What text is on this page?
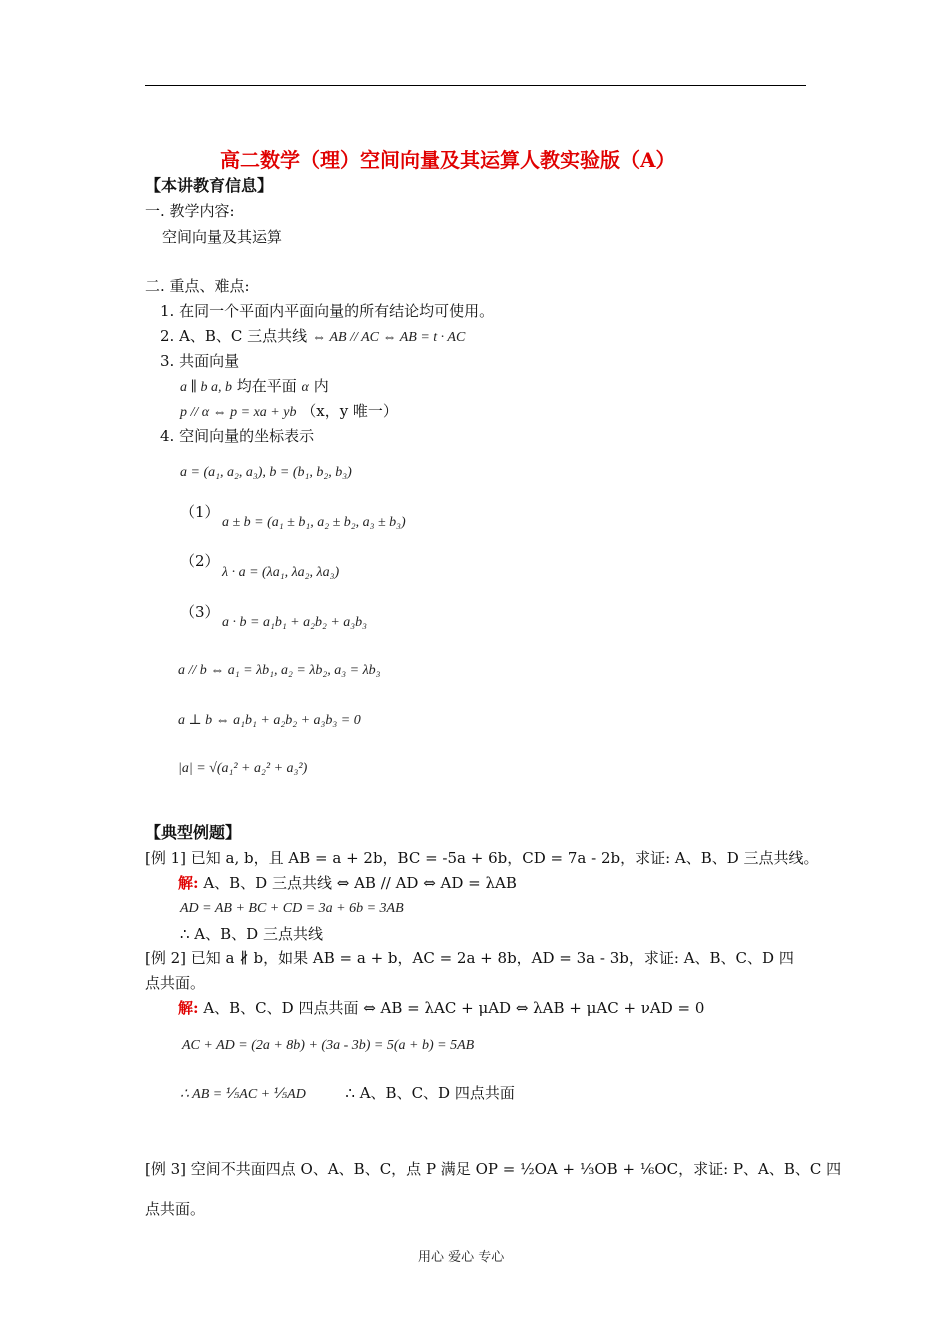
高二数学（理）空间向量及其运算人教实验版（A）
【本讲教育信息】
一. 教学内容:
空间向量及其运算
二. 重点、难点:
1. 在同一个平面内平面向量的所有结论均可使用。
2. A、B、C 三点共线 ⇔ AB // AC ⇔ AB = t · AC
3. 共面向量
a ∥ b a, b 均在平面 α 内
p // α ⇔ p = xa + yb （x，y 唯一）
4. 空间向量的坐标表示
a = (a₁, a₂, a₃), b = (b₁, b₂, b₃)
（1）
a ± b = (a₁ ± b₁, a₂ ± b₂, a₃ ± b₃)
（2）
λ · a = (λa₁, λa₂, λa₃)
（3）
a · b = a₁b₁ + a₂b₂ + a₃b₃
a // b ⇔ a₁ = λb₁, a₂ = λb₂, a₃ = λb₃
a ⊥ b ⇔ a₁b₁ + a₂b₂ + a₃b₃ = 0
|a| = √(a₁² + a₂² + a₃²)
【典型例题】
[例 1] 已知 a, b，且 AB = a + 2b，BC = -5a + 6b，CD = 7a - 2b，求证: A、B、D 三点共线。
解: A、B、D 三点共线 ⇔ AB // AD ⇔ AD = λAB
AD = AB + BC + CD = 3a + 6b = 3AB
∴ A、B、D 三点共线
[例 2] 已知 a ∦ b，如果 AB = a + b，AC = 2a + 8b，AD = 3a - 3b，求证: A、B、C、D 四
点共面。
解: A、B、C、D 四点共面 ⇔ AB = λAC + μAD ⇔ λAB + μAC + νAD = 0
AC + AD = (2a + 8b) + (3a - 3b) = 5(a + b) = 5AB
∴ AB = ⅕AC + ⅕AD	∴ A、B、C、D 四点共面
[例 3] 空间不共面四点 O、A、B、C，点 P 满足 OP = ½OA + ⅓OB + ⅙OC，求证: P、A、B、C 四
点共面。
用心 爱心 专心
